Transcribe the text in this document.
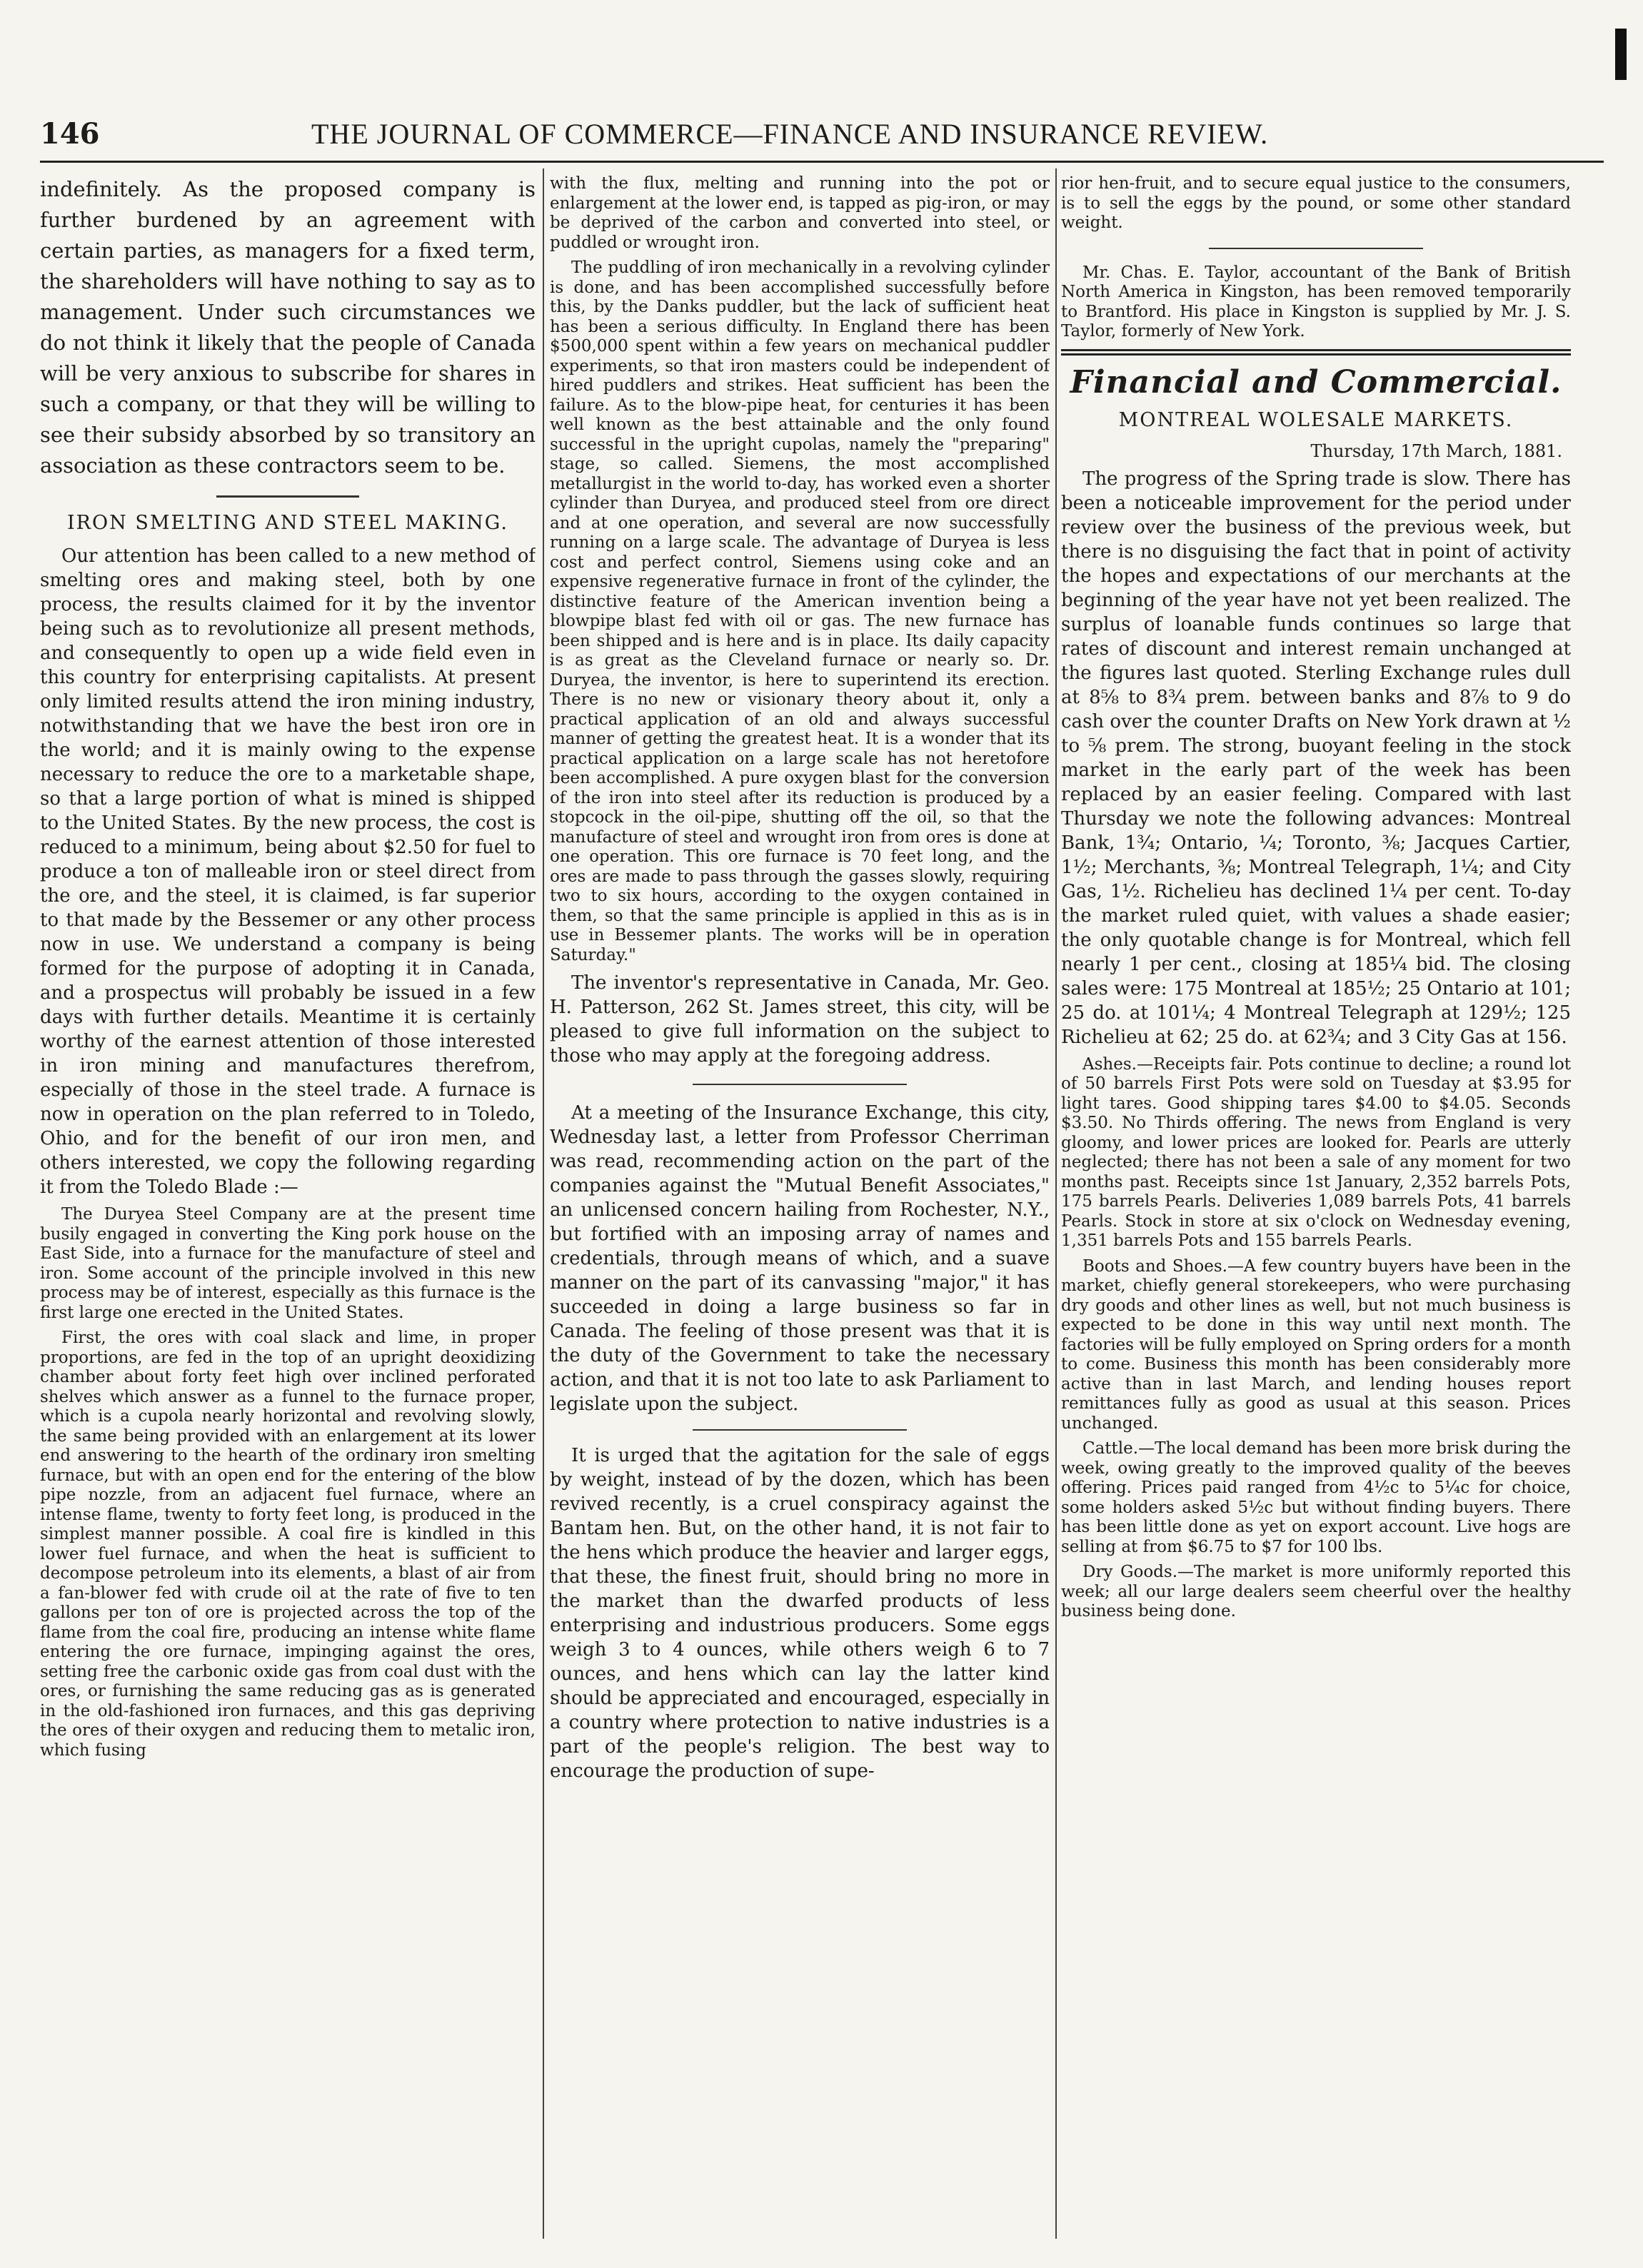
146	THE JOURNAL OF COMMERCE—FINANCE AND INSURANCE REVIEW.

indefinitely. As the proposed company is further burdened by an agreement with certain parties, as managers for a fixed term, the shareholders will have nothing to say as to management. Under such circumstances we do not think it likely that the people of Canada will be very anxious to subscribe for shares in such a company, or that they will be willing to see their subsidy absorbed by so transitory an association as these contractors seem to be.

IRON SMELTING AND STEEL MAKING.

Our attention has been called to a new method of smelting ores and making steel, both by one process, the results claimed for it by the inventor being such as to revolutionize all present methods, and consequently to open up a wide field even in this country for enterprising capitalists. At present only limited results attend the iron mining industry, notwithstanding that we have the best iron ore in the world; and it is mainly owing to the expense necessary to reduce the ore to a marketable shape, so that a large portion of what is mined is shipped to the United States. By the new process, the cost is reduced to a minimum, being about $2.50 for fuel to produce a ton of malleable iron or steel direct from the ore, and the steel, it is claimed, is far superior to that made by the Bessemer or any other process now in use. We understand a company is being formed for the purpose of adopting it in Canada, and a prospectus will probably be issued in a few days with further details. Meantime it is certainly worthy of the earnest attention of those interested in iron mining and manufactures therefrom, especially of those in the steel trade. A furnace is now in operation on the plan referred to in Toledo, Ohio, and for the benefit of our iron men, and others interested, we copy the following regarding it from the Toledo Blade :—

The Duryea Steel Company are at the present time busily engaged in converting the King pork house on the East Side, into a furnace for the manufacture of steel and iron. Some account of the principle involved in this new process may be of interest, especially as this furnace is the first large one erected in the United States.

First, the ores with coal slack and lime, in proper proportions, are fed in the top of an upright deoxidizing chamber about forty feet high over inclined perforated shelves which answer as a funnel to the furnace proper, which is a cupola nearly horizontal and revolving slowly, the same being provided with an enlargement at its lower end answering to the hearth of the ordinary iron smelting furnace, but with an open end for the entering of the blow pipe nozzle, from an adjacent fuel furnace, where an intense flame, twenty to forty feet long, is produced in the simplest manner possible. A coal fire is kindled in this lower fuel furnace, and when the heat is sufficient to decompose petroleum into its elements, a blast of air from a fan-blower fed with crude oil at the rate of five to ten gallons per ton of ore is projected across the top of the flame from the coal fire, producing an intense white flame entering the ore furnace, impinging against the ores, setting free the carbonic oxide gas from coal dust with the ores, or furnishing the same reducing gas as is generated in the old-fashioned iron furnaces, and this gas depriving the ores of their oxygen and reducing them to metalic iron, which fusing

with the flux, melting and running into the pot or enlargement at the lower end, is tapped as pig-iron, or may be deprived of the carbon and converted into steel, or puddled or wrought iron.

The puddling of iron mechanically in a revolving cylinder is done, and has been accomplished successfully before this, by the Danks puddler, but the lack of sufficient heat has been a serious difficulty. In England there has been $500,000 spent within a few years on mechanical puddler experiments, so that iron masters could be independent of hired puddlers and strikes. Heat sufficient has been the failure. As to the blow-pipe heat, for centuries it has been well known as the best attainable and the only found successful in the upright cupolas, namely the "preparing" stage, so called. Siemens, the most accomplished metallurgist in the world to-day, has worked even a shorter cylinder than Duryea, and produced steel from ore direct and at one operation, and several are now successfully running on a large scale. The advantage of Duryea is less cost and perfect control, Siemens using coke and an expensive regenerative furnace in front of the cylinder, the distinctive feature of the American invention being a blowpipe blast fed with oil or gas. The new furnace has been shipped and is here and is in place. Its daily capacity is as great as the Cleveland furnace or nearly so. Dr. Duryea, the inventor, is here to superintend its erection. There is no new or visionary theory about it, only a practical application of an old and always successful manner of getting the greatest heat. It is a wonder that its practical application on a large scale has not heretofore been accomplished. A pure oxygen blast for the conversion of the iron into steel after its reduction is produced by a stopcock in the oil-pipe, shutting off the oil, so that the manufacture of steel and wrought iron from ores is done at one operation. This ore furnace is 70 feet long, and the ores are made to pass through the gasses slowly, requiring two to six hours, according to the oxygen contained in them, so that the same principle is applied in this as is in use in Bessemer plants. The works will be in operation Saturday."

The inventor's representative in Canada, Mr. Geo. H. Patterson, 262 St. James street, this city, will be pleased to give full information on the subject to those who may apply at the foregoing address.

At a meeting of the Insurance Exchange, this city, Wednesday last, a letter from Professor Cherriman was read, recommending action on the part of the companies against the "Mutual Benefit Associates," an unlicensed concern hailing from Rochester, N.Y., but fortified with an imposing array of names and credentials, through means of which, and a suave manner on the part of its canvassing "major," it has succeeded in doing a large business so far in Canada. The feeling of those present was that it is the duty of the Government to take the necessary action, and that it is not too late to ask Parliament to legislate upon the subject.

It is urged that the agitation for the sale of eggs by weight, instead of by the dozen, which has been revived recently, is a cruel conspiracy against the Bantam hen. But, on the other hand, it is not fair to the hens which produce the heavier and larger eggs, that these, the finest fruit, should bring no more in the market than the dwarfed products of less enterprising and industrious producers. Some eggs weigh 3 to 4 ounces, while others weigh 6 to 7 ounces, and hens which can lay the latter kind should be appreciated and encouraged, especially in a country where protection to native industries is a part of the people's religion. The best way to encourage the production of supe-

rior hen-fruit, and to secure equal justice to the consumers, is to sell the eggs by the pound, or some other standard weight.

Mr. Chas. E. Taylor, accountant of the Bank of British North America in Kingston, has been removed temporarily to Brantford. His place in Kingston is supplied by Mr. J. S. Taylor, formerly of New York.

Financial and Commercial.
MONTREAL WOLESALE MARKETS.
Thursday, 17th March, 1881.

The progress of the Spring trade is slow. There has been a noticeable improvement for the period under review over the business of the previous week, but there is no disguising the fact that in point of activity the hopes and expectations of our merchants at the beginning of the year have not yet been realized. The surplus of loanable funds continues so large that rates of discount and interest remain unchanged at the figures last quoted. Sterling Exchange rules dull at 8⅝ to 8¾ prem. between banks and 8⅞ to 9 do cash over the counter Drafts on New York drawn at ½ to ⅝ prem. The strong, buoyant feeling in the stock market in the early part of the week has been replaced by an easier feeling. Compared with last Thursday we note the following advances: Montreal Bank, 1¾; Ontario, ¼; Toronto, ⅜; Jacques Cartier, 1½; Merchants, ⅜; Montreal Telegraph, 1¼; and City Gas, 1½. Richelieu has declined 1¼ per cent. To-day the market ruled quiet, with values a shade easier; the only quotable change is for Montreal, which fell nearly 1 per cent., closing at 185¼ bid. The closing sales were: 175 Montreal at 185½; 25 Ontario at 101; 25 do. at 101¼; 4 Montreal Telegraph at 129½; 125 Richelieu at 62; 25 do. at 62¾; and 3 City Gas at 156.

Ashes.—Receipts fair. Pots continue to decline; a round lot of 50 barrels First Pots were sold on Tuesday at $3.95 for light tares. Good shipping tares $4.00 to $4.05. Seconds $3.50. No Thirds offering. The news from England is very gloomy, and lower prices are looked for. Pearls are utterly neglected; there has not been a sale of any moment for two months past. Receipts since 1st January, 2,352 barrels Pots, 175 barrels Pearls. Deliveries 1,089 barrels Pots, 41 barrels Pearls. Stock in store at six o'clock on Wednesday evening, 1,351 barrels Pots and 155 barrels Pearls.

Boots and Shoes.—A few country buyers have been in the market, chiefly general storekeepers, who were purchasing dry goods and other lines as well, but not much business is expected to be done in this way until next month. The factories will be fully employed on Spring orders for a month to come. Business this month has been considerably more active than in last March, and lending houses report remittances fully as good as usual at this season. Prices unchanged.

Cattle.—The local demand has been more brisk during the week, owing greatly to the improved quality of the beeves offering. Prices paid ranged from 4½c to 5¼c for choice, some holders asked 5½c but without finding buyers. There has been little done as yet on export account. Live hogs are selling at from $6.75 to $7 for 100 lbs.

Dry Goods.—The market is more uniformly reported this week; all our large dealers seem cheerful over the healthy business being done.
